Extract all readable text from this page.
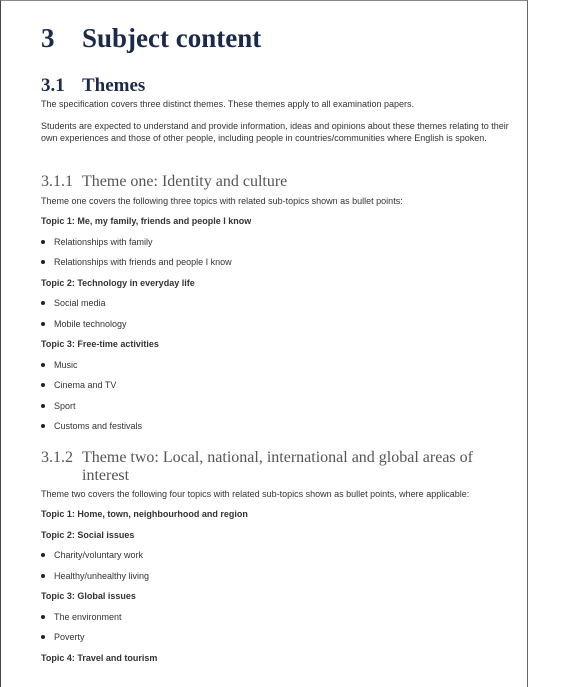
3 Subject content
3.1 Themes
The specification covers three distinct themes. These themes apply to all examination papers.
Students are expected to understand and provide information, ideas and opinions about these themes relating to their own experiences and those of other people, including people in countries/communities where English is spoken.
3.1.1 Theme one: Identity and culture
Theme one covers the following three topics with related sub-topics shown as bullet points:
Topic 1: Me, my family, friends and people I know
Relationships with family
Relationships with friends and people I know
Topic 2: Technology in everyday life
Social media
Mobile technology
Topic 3: Free-time activities
Music
Cinema and TV
Sport
Customs and festivals
3.1.2 Theme two: Local, national, international and global areas of
interest
Theme two covers the following four topics with related sub-topics shown as bullet points, where applicable:
Topic 1: Home, town, neighbourhood and region
Topic 2: Social issues
Charity/voluntary work
Healthy/unhealthy living
Topic 3: Global issues
The environment
Poverty
Topic 4: Travel and tourism
